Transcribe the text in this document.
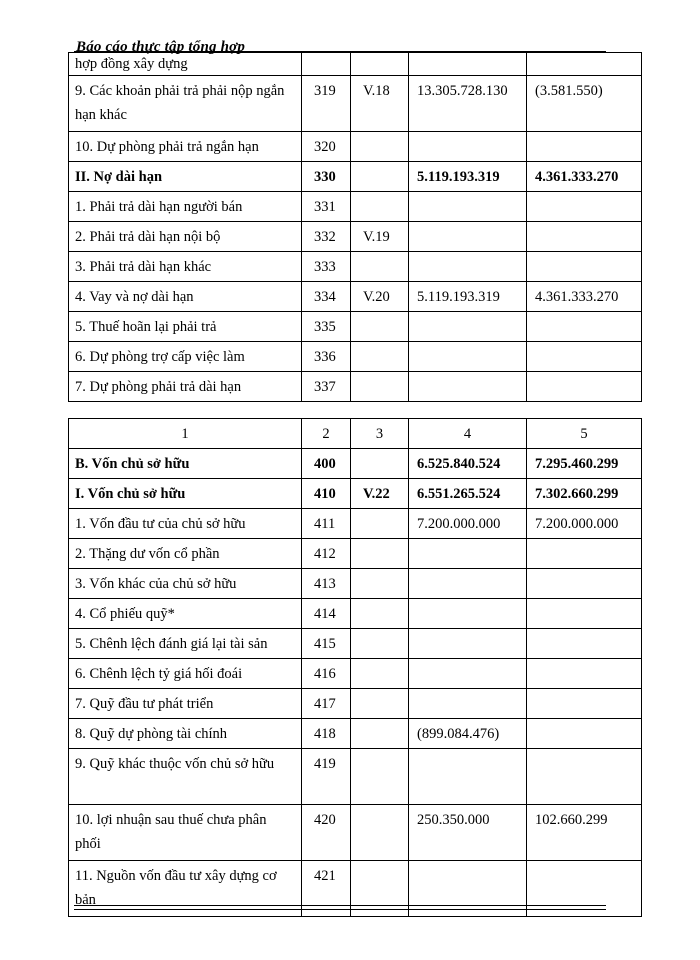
Báo cáo thực tập tổng hợp
hợp đồng xây dựng				
9. Các khoản phải trả phải nộp ngắn hạn khác	319	V.18	13.305.728.130	(3.581.550)
10. Dự phòng phải trả ngắn hạn	320			
II. Nợ dài hạn	330		5.119.193.319	4.361.333.270
1. Phải trả dài hạn người bán	331			
2. Phải trả dài hạn nội bộ	332	V.19		
3. Phải trả dài hạn khác	333			
4. Vay và nợ dài hạn	334	V.20	5.119.193.319	4.361.333.270
5. Thuế hoãn lại phải trả	335			
6. Dự phòng trợ cấp việc làm	336			
7. Dự phòng phải trả dài hạn	337			
1	2	3	4	5
B. Vốn chủ sở hữu	400		6.525.840.524	7.295.460.299
I. Vốn chủ sở hữu	410	V.22	6.551.265.524	7.302.660.299
1. Vốn đầu tư của chủ sở hữu	411		7.200.000.000	7.200.000.000
2. Thặng dư vốn cổ phần	412			
3. Vốn khác của chủ sở hữu	413			
4. Cổ phiếu quỹ*	414			
5. Chênh lệch đánh giá lại tài sản	415			
6. Chênh lệch tỷ giá hối đoái	416			
7. Quỹ đầu tư phát triển	417			
8. Quỹ dự phòng tài chính	418		(899.084.476)	
9. Quỹ khác thuộc vốn chủ sở hữu	419			
10. lợi nhuận sau thuế chưa phân phối	420		250.350.000	102.660.299
11. Nguồn vốn đầu tư xây dựng cơ bản	421			
